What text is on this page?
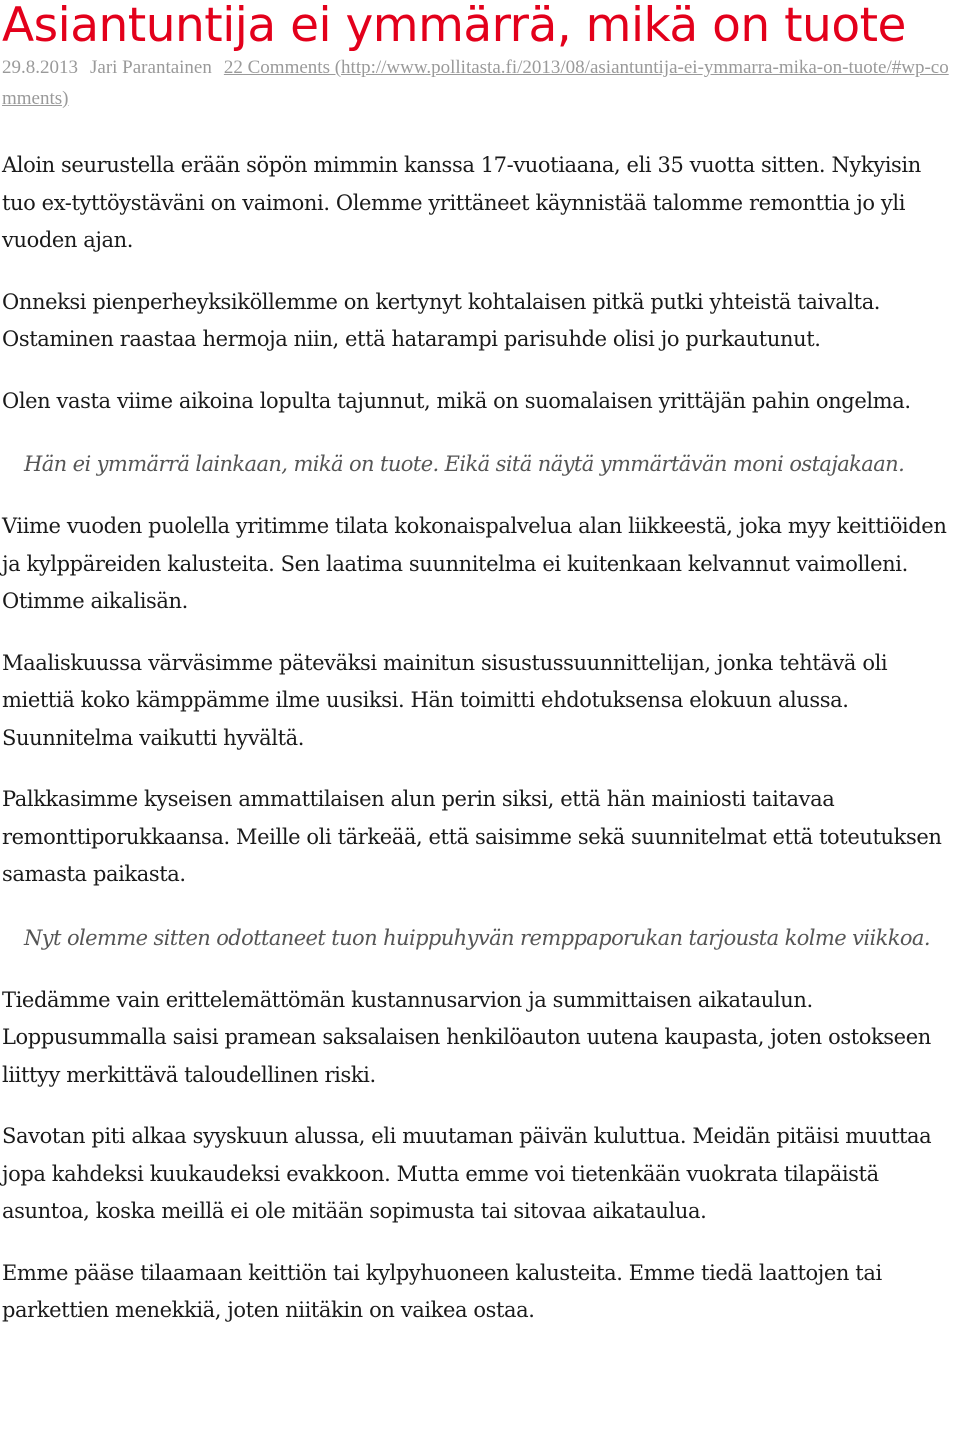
Asiantuntija ei ymmärrä, mikä on tuote
29.8.2013 Jari Parantainen 22 Comments (http://www.pollitasta.fi/2013/08/asiantuntija-ei-ymmarra-mika-on-tuote/#wp-comments)

Aloin seurustella erään söpön mimmin kanssa 17-vuotiaana, eli 35 vuotta sitten. Nykyisin tuo ex-tyttöystäväni on vaimoni. Olemme yrittäneet käynnistää talomme remonttia jo yli vuoden ajan.

Onneksi pienperheyksiköllemme on kertynyt kohtalaisen pitkä putki yhteistä taivalta. Ostaminen raastaa hermoja niin, että hatarampi parisuhde olisi jo purkautunut.

Olen vasta viime aikoina lopulta tajunnut, mikä on suomalaisen yrittäjän pahin ongelma.

Hän ei ymmärrä lainkaan, mikä on tuote. Eikä sitä näytä ymmärtävän moni ostajakaan.

Viime vuoden puolella yritimme tilata kokonaispalvelua alan liikkeestä, joka myy keittiöiden ja kylppäreiden kalusteita. Sen laatima suunnitelma ei kuitenkaan kelvannut vaimolleni. Otimme aikalisän.

Maaliskuussa värväsimme päteväksi mainitun sisustussuunnittelijan, jonka tehtävä oli miettiä koko kämppämme ilme uusiksi. Hän toimitti ehdotuksensa elokuun alussa. Suunnitelma vaikutti hyvältä.

Palkkasimme kyseisen ammattilaisen alun perin siksi, että hän mainiosti taitavaa remonttiporukkaansa. Meille oli tärkeää, että saisimme sekä suunnitelmat että toteutuksen samasta paikasta.

Nyt olemme sitten odottaneet tuon huippuhyvän remppaporukan tarjousta kolme viikkoa.

Tiedämme vain erittelemättömän kustannusarvion ja summittaisen aikataulun. Loppusummalla saisi pramean saksalaisen henkilöauton uutena kaupasta, joten ostokseen liittyy merkittävä taloudellinen riski.

Savotan piti alkaa syyskuun alussa, eli muutaman päivän kuluttua. Meidän pitäisi muuttaa jopa kahdeksi kuukaudeksi evakkoon. Mutta emme voi tietenkään vuokrata tilapäistä asuntoa, koska meillä ei ole mitään sopimusta tai sitovaa aikataulua.

Emme pääse tilaamaan keittiön tai kylpyhuoneen kalusteita. Emme tiedä laattojen tai parkettien menekkiä, joten niitäkin on vaikea ostaa.
